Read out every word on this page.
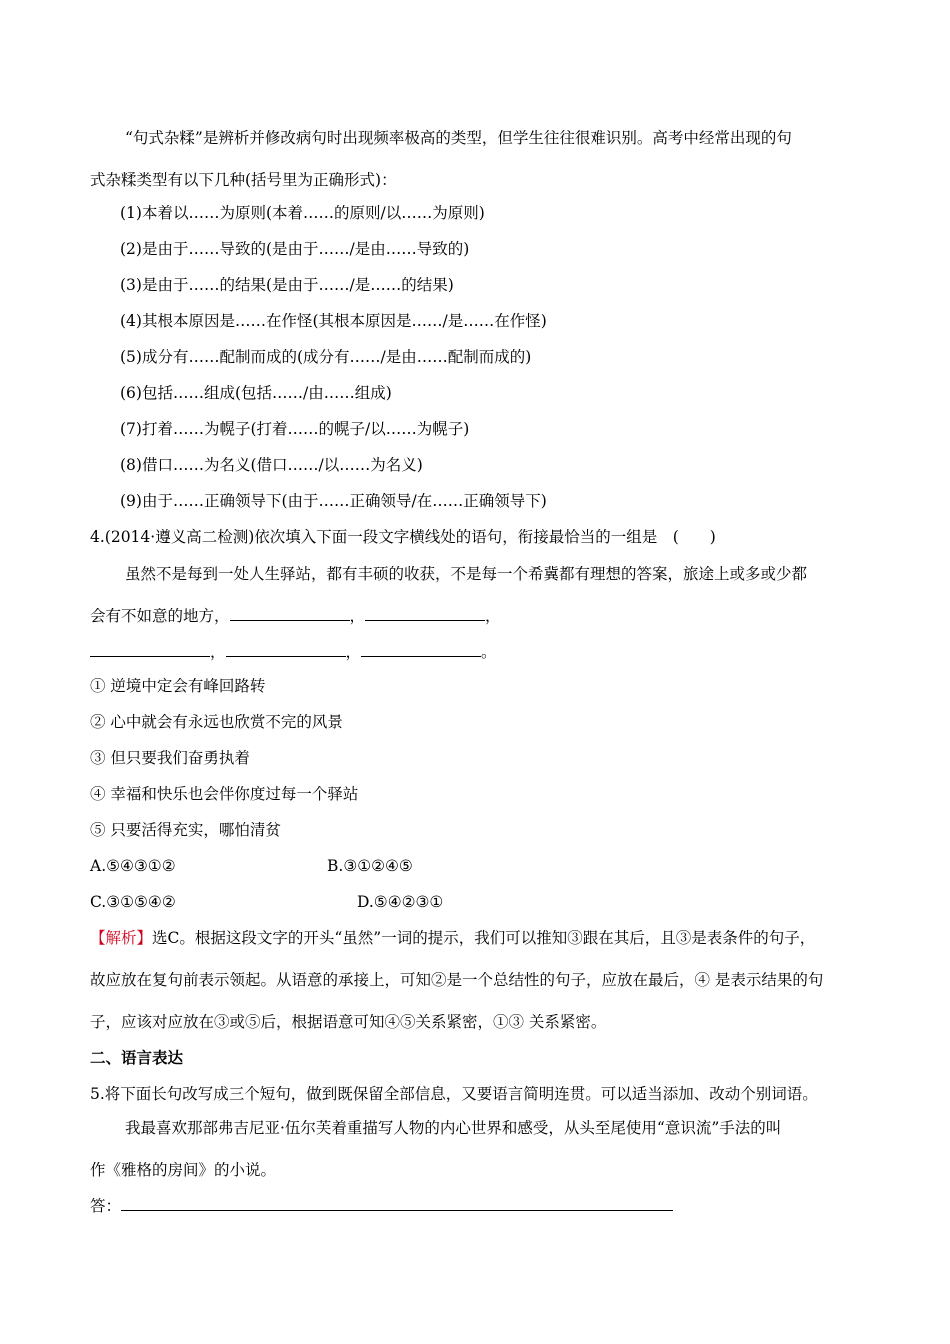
“句式杂糅”是辨析并修改病句时出现频率极高的类型，但学生往往很难识别。高考中经常出现的句
式杂糅类型有以下几种(括号里为正确形式)：
(1)本着以……为原则(本着……的原则/以……为原则)
(2)是由于……导致的(是由于……/是由……导致的)
(3)是由于……的结果(是由于……/是……的结果)
(4)其根本原因是……在作怪(其根本原因是……/是……在作怪)
(5)成分有……配制而成的(成分有……/是由……配制而成的)
(6)包括……组成(包括……/由……组成)
(7)打着……为幌子(打着……的幌子/以……为幌子)
(8)借口……为名义(借口……/以……为名义)
(9)由于……正确领导下(由于……正确领导/在……正确领导下)
4.(2014·遵义高二检测)依次填入下面一段文字横线处的语句，衔接最恰当的一组是　(　　)
虽然不是每到一处人生驿站，都有丰硕的收获，不是每一个希冀都有理想的答案，旅途上或多或少都
会有不如意的地方，	，	，
，	，	。
① 逆境中定会有峰回路转
② 心中就会有永远也欣赏不完的风景
③ 但只要我们奋勇执着
④ 幸福和快乐也会伴你度过每一个驿站
⑤ 只要活得充实，哪怕清贫
A.⑤④③①②	B.③①②④⑤
C.③①⑤④②	D.⑤④②③①
【解析】选C。根据这段文字的开头“虽然”一词的提示，我们可以推知③跟在其后，且③是表条件的句子，
故应放在复句前表示领起。从语意的承接上，可知②是一个总结性的句子，应放在最后，④ 是表示结果的句
子，应该对应放在③或⑤后，根据语意可知④⑤关系紧密，①③ 关系紧密。
二、语言表达
5.将下面长句改写成三个短句，做到既保留全部信息，又要语言简明连贯。可以适当添加、改动个别词语。
我最喜欢那部弗吉尼亚·伍尔芙着重描写人物的内心世界和感受，从头至尾使用“意识流”手法的叫
作《雅格的房间》的小说。
答：
